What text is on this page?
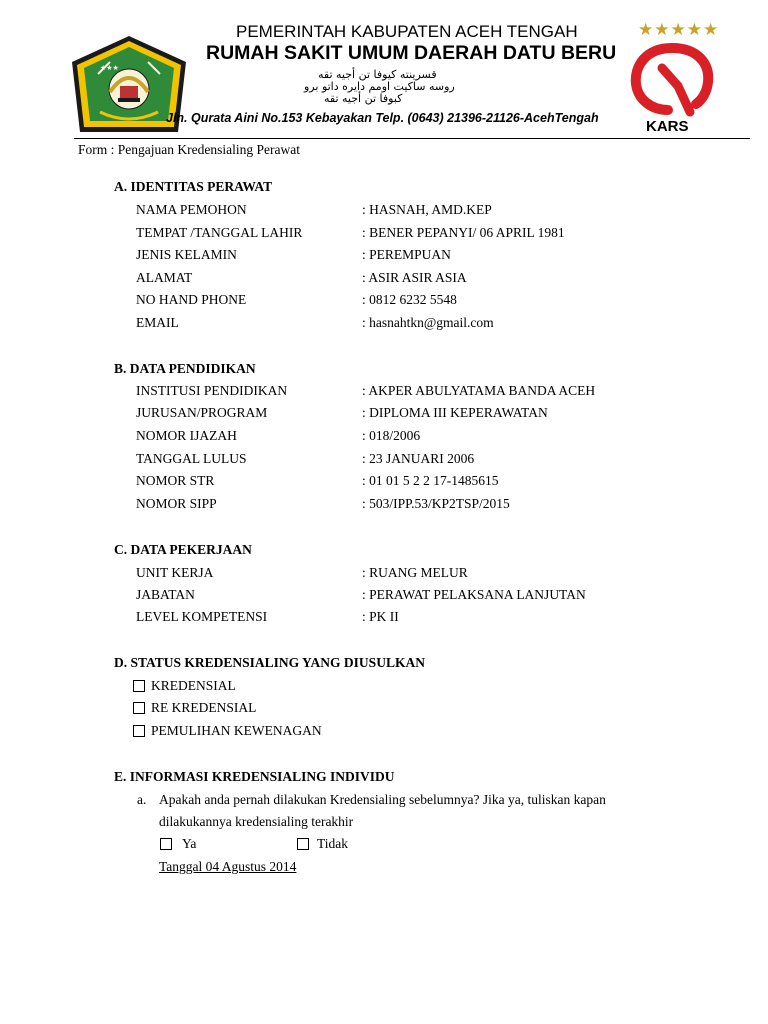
★★★
PEMERINTAH KABUPATEN ACEH TENGAH
RUMAH SAKIT UMUM DAERAH DATU BERU
قسرينته كيوفا تن أجيه تقه
روسه ساكيت اومم دايره داتو برو
كبوفا تن أجيه تقه
Jln. Qurata Aini No.153 Kebayakan Telp. (0643) 21396-21126-AcehTengah
★★★★★
KARS
Form : Pengajuan Kredensialing Perawat
A. IDENTITAS PERAWAT
NAMA PEMOHON	: HASNAH, AMD.KEP
TEMPAT /TANGGAL LAHIR	: BENER PEPANYI/ 06 APRIL 1981
JENIS KELAMIN	: PEREMPUAN
ALAMAT	: ASIR ASIR ASIA
NO HAND PHONE	: 0812 6232 5548
EMAIL	: hasnahtkn@gmail.com
B. DATA PENDIDIKAN
INSTITUSI PENDIDIKAN	: AKPER ABULYATAMA BANDA ACEH
JURUSAN/PROGRAM	: DIPLOMA III KEPERAWATAN
NOMOR IJAZAH	: 018/2006
TANGGAL LULUS	: 23 JANUARI 2006
NOMOR STR	: 01 01 5 2 2 17-1485615
NOMOR SIPP	: 503/IPP.53/KP2TSP/2015
C. DATA PEKERJAAN
UNIT KERJA	: RUANG MELUR
JABATAN	: PERAWAT PELAKSANA LANJUTAN
LEVEL KOMPETENSI	: PK II
D. STATUS KREDENSIALING YANG DIUSULKAN
KREDENSIAL
RE KREDENSIAL
PEMULIHAN KEWENAGAN
E. INFORMASI KREDENSIALING INDIVIDU
a. Apakah anda pernah dilakukan Kredensialing sebelumnya? Jika ya, tuliskan kapan
dilakukannya kredensialing terakhir
Ya	Tidak
Tanggal 04 Agustus 2014
